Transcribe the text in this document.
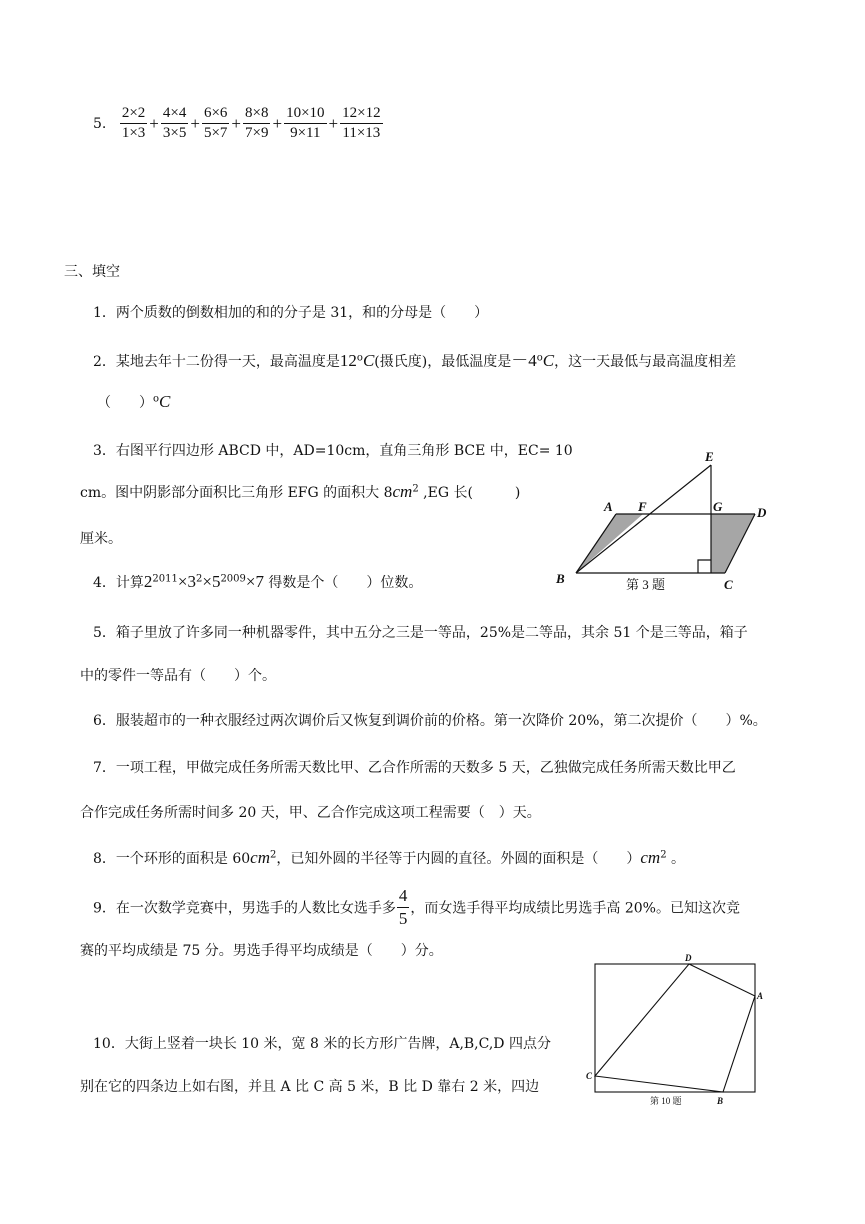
5. $\frac{2\times 2}{1\times 3} + \frac{4\times 4}{3\times 5} + \frac{6\times 6}{5\times 7} + \frac{8\times 8}{7\times 9} + \frac{10\times 10}{9\times 11} + \frac{12\times 12}{11\times 13}$
三、填空
1．两个质数的倒数相加的和的分子是 31，和的分母是（　　）
2．某地去年十二份得一天，最高温度是12$^o$C(摄氏度)，最低温度是$-4^oC$，这一天最低与最高温度相差
（　　）$^o$C
3．右图平行四边形 ABCD 中，AD=10cm，直角三角形 BCE 中，EC= 10
cm。图中阴影部分面积比三角形 EFG 的面积大 $8cm^2$ ,EG 长(　　　)
厘米。
4．计算$2^{2011}\times 3^2\times 5^{2009}\times 7$ 得数是个（　　）位数。
E
A F	G	D
B	C
第 3 题
5．箱子里放了许多同一种机器零件，其中五分之三是一等品，25%是二等品，其余 51 个是三等品，箱子
中的零件一等品有（　　）个。
6．服装超市的一种衣服经过两次调价后又恢复到调价前的价格。第一次降价 20%，第二次提价（　　）%。
7．一项工程，甲做完成任务所需天数比甲、乙合作所需的天数多 5 天，乙独做完成任务所需天数比甲乙
合作完成任务所需时间多 20 天，甲、乙合作完成这项工程需要（　）天。
8．一个环形的面积是 $60cm^2$，已知外圆的半径等于内圆的直径。外圆的面积是（　　）$cm^2$ 。
9．在一次数学竞赛中，男选手的人数比女选手多 $\frac{4}{5}$ ，而女选手得平均成绩比男选手高 20%。已知这次竞
赛的平均成绩是 75 分。男选手得平均成绩是（　　）分。
10．大街上竖着一块长 10 米，宽 8 米的长方形广告牌，A,B,C,D 四点分
别在它的四条边上如右图，并且 A 比 C 高 5 米，B 比 D 靠右 2 米，四边
D
A
C
B
第 10 题
